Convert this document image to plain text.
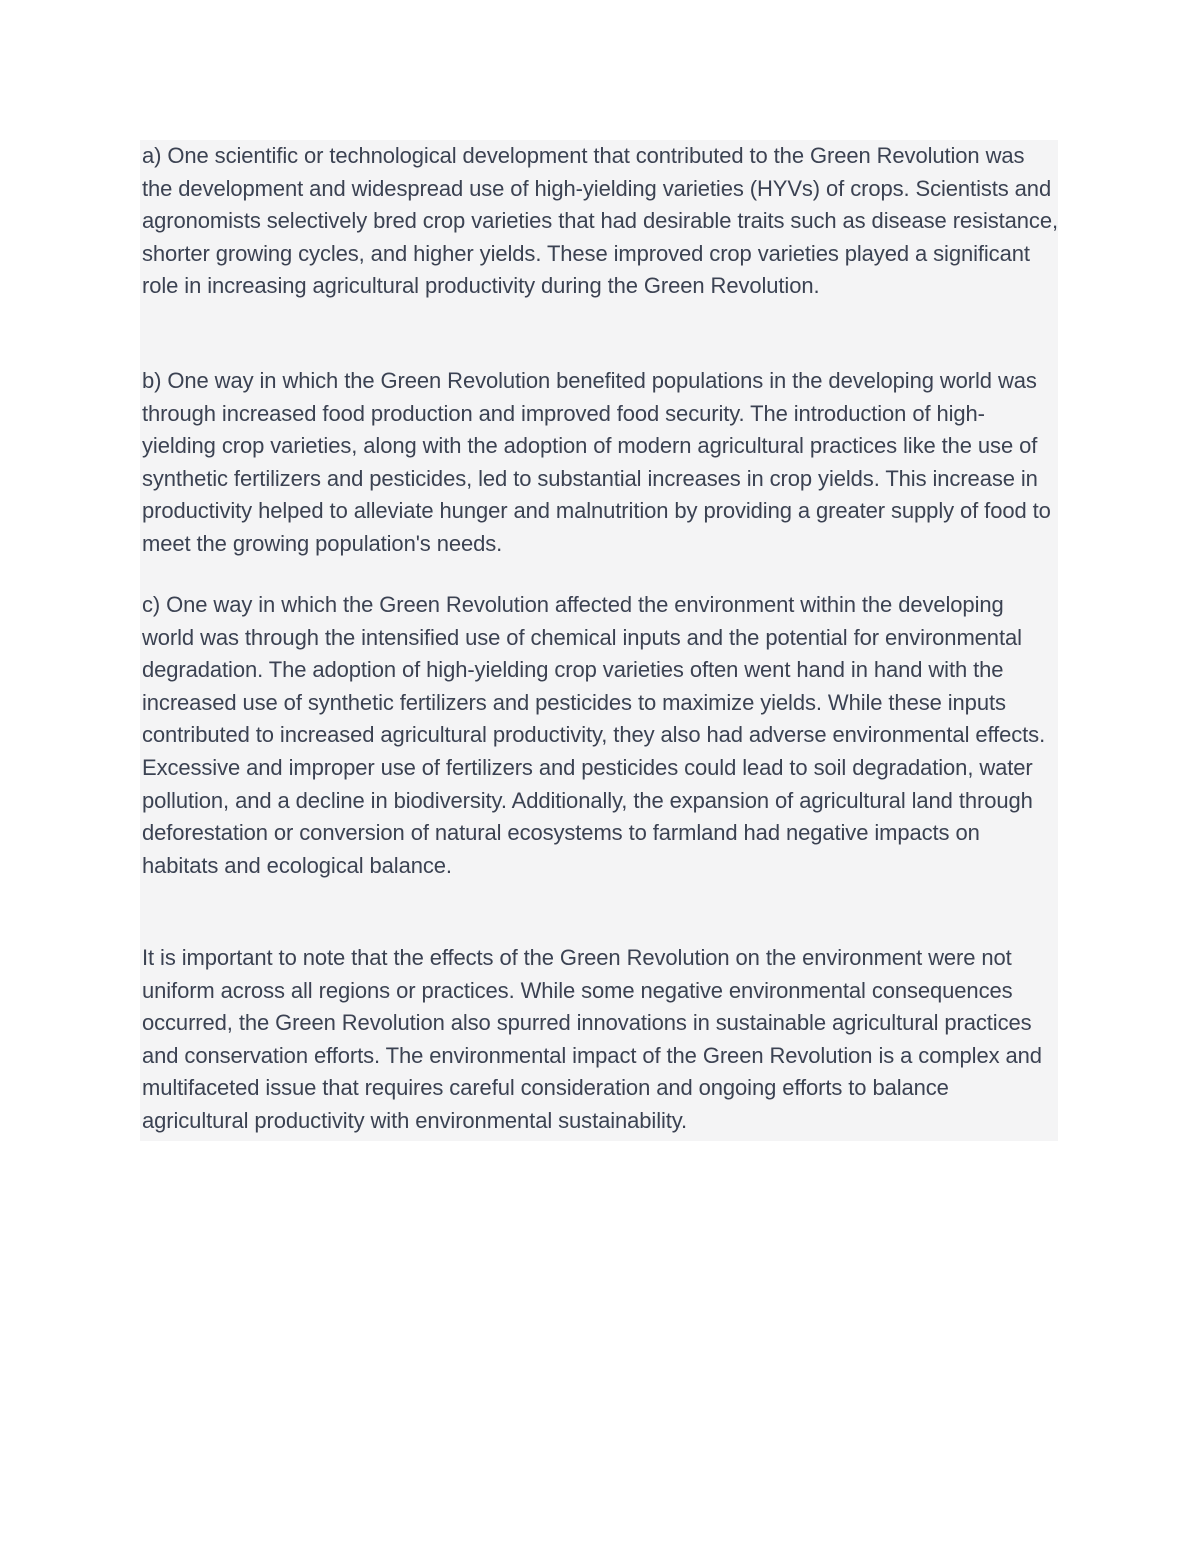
a) One scientific or technological development that contributed to the Green Revolution was the development and widespread use of high-yielding varieties (HYVs) of crops. Scientists and agronomists selectively bred crop varieties that had desirable traits such as disease resistance, shorter growing cycles, and higher yields. These improved crop varieties played a significant role in increasing agricultural productivity during the Green Revolution.

b) One way in which the Green Revolution benefited populations in the developing world was through increased food production and improved food security. The introduction of high-yielding crop varieties, along with the adoption of modern agricultural practices like the use of synthetic fertilizers and pesticides, led to substantial increases in crop yields. This increase in productivity helped to alleviate hunger and malnutrition by providing a greater supply of food to meet the growing population's needs.

c) One way in which the Green Revolution affected the environment within the developing world was through the intensified use of chemical inputs and the potential for environmental degradation. The adoption of high-yielding crop varieties often went hand in hand with the increased use of synthetic fertilizers and pesticides to maximize yields. While these inputs contributed to increased agricultural productivity, they also had adverse environmental effects. Excessive and improper use of fertilizers and pesticides could lead to soil degradation, water pollution, and a decline in biodiversity. Additionally, the expansion of agricultural land through deforestation or conversion of natural ecosystems to farmland had negative impacts on habitats and ecological balance.

It is important to note that the effects of the Green Revolution on the environment were not uniform across all regions or practices. While some negative environmental consequences occurred, the Green Revolution also spurred innovations in sustainable agricultural practices and conservation efforts. The environmental impact of the Green Revolution is a complex and multifaceted issue that requires careful consideration and ongoing efforts to balance agricultural productivity with environmental sustainability.
